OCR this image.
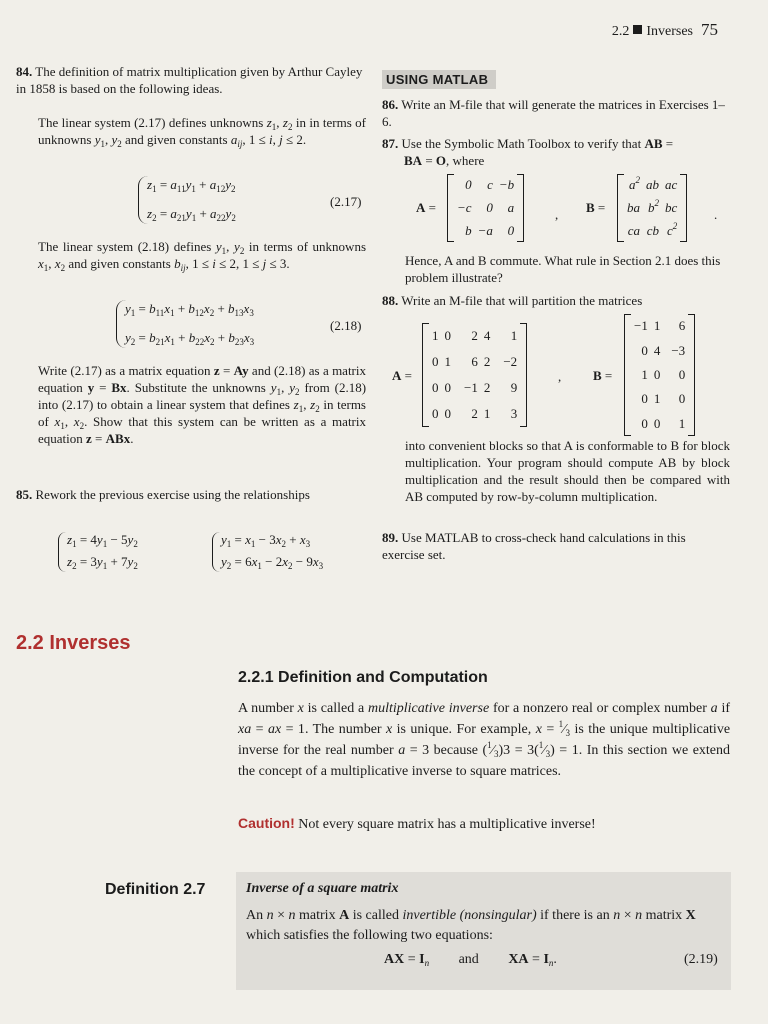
2.2 Inverses 75
84. The definition of matrix multiplication given by Arthur Cayley in 1858 is based on the following ideas.
The linear system (2.17) defines unknowns $z_1$, $z_2$ in in terms of unknowns $y_1$, $y_2$ and given constants $a_{ij}$, 1 ≤ i, j ≤ 2.
$z_1 = a_{11}y_1 + a_{12}y_2$
$z_2 = a_{21}y_1 + a_{22}y_2$
(2.17)
The linear system (2.18) defines $y_1$, $y_2$ in terms of unknowns $x_1$, $x_2$ and given constants $b_{ij}$, 1 ≤ i ≤ 2, 1 ≤ j ≤ 3.
$y_1 = b_{11}x_1 + b_{12}x_2 + b_{13}x_3$
$y_2 = b_{21}x_1 + b_{22}x_2 + b_{23}x_3$
(2.18)
Write (2.17) as a matrix equation z = Ay and (2.18) as a matrix equation y = Bx. Substitute the unknowns $y_1$, $y_2$ from (2.18) into (2.17) to obtain a linear system that defines $z_1$, $z_2$ in terms of $x_1$, $x_2$. Show that this system can be written as a matrix equation z = ABx.
85. Rework the previous exercise using the relationships
$z_1 = 4y_1 - 5y_2$
$z_2 = 3y_1 + 7y_2$
$y_1 = x_1 - 3x_2 + x_3$
$y_2 = 6x_1 - 2x_2 - 9x_3$
USING MATLAB
86. Write an M-file that will generate the matrices in Exercises 1–6.
87. Use the Symbolic Math Toolbox to verify that AB =
BA = O, where
A =
0
−c
b
c
0
−a
−b
a
0
, B =
$a^2$
ba
ca
ab
$b^2$
cb
ac
bc
$c^2$
.
Hence, A and B commute. What rule in Section 2.1 does this problem illustrate?
88. Write an M-file that will partition the matrices
A =
1
0
0
0
0
1
0
0
2
6
−1
2
4
2
2
1
1
−2
9
3
, B =
−1
0
1
0
0
1
4
0
1
0
6
−3
0
0
1
into convenient blocks so that A is conformable to B for block multiplication. Your program should compute AB by block multiplication and the result should then be compared with AB computed by row-by-column multiplication.
89. Use MATLAB to cross-check hand calculations in this exercise set.
2.2 Inverses
2.2.1 Definition and Computation
A number x is called a multiplicative inverse for a nonzero real or complex number a if xa = ax = 1. The number x is unique. For example, $x = ^1⁄_3$ is the unique multiplicative inverse for the real number a = 3 because $(^1⁄_3)3$ = $3(^1⁄_3) = 1$. In this section we extend the concept of a multiplicative inverse to square matrices.
Caution! Not every square matrix has a multiplicative inverse!
Definition 2.7	Inverse of a square matrix
An n × n matrix A is called invertible (nonsingular) if there is an n × n matrix X which satisfies the following two equations:
AX = $I_n$ and XA = $I_n$.	(2.19)
